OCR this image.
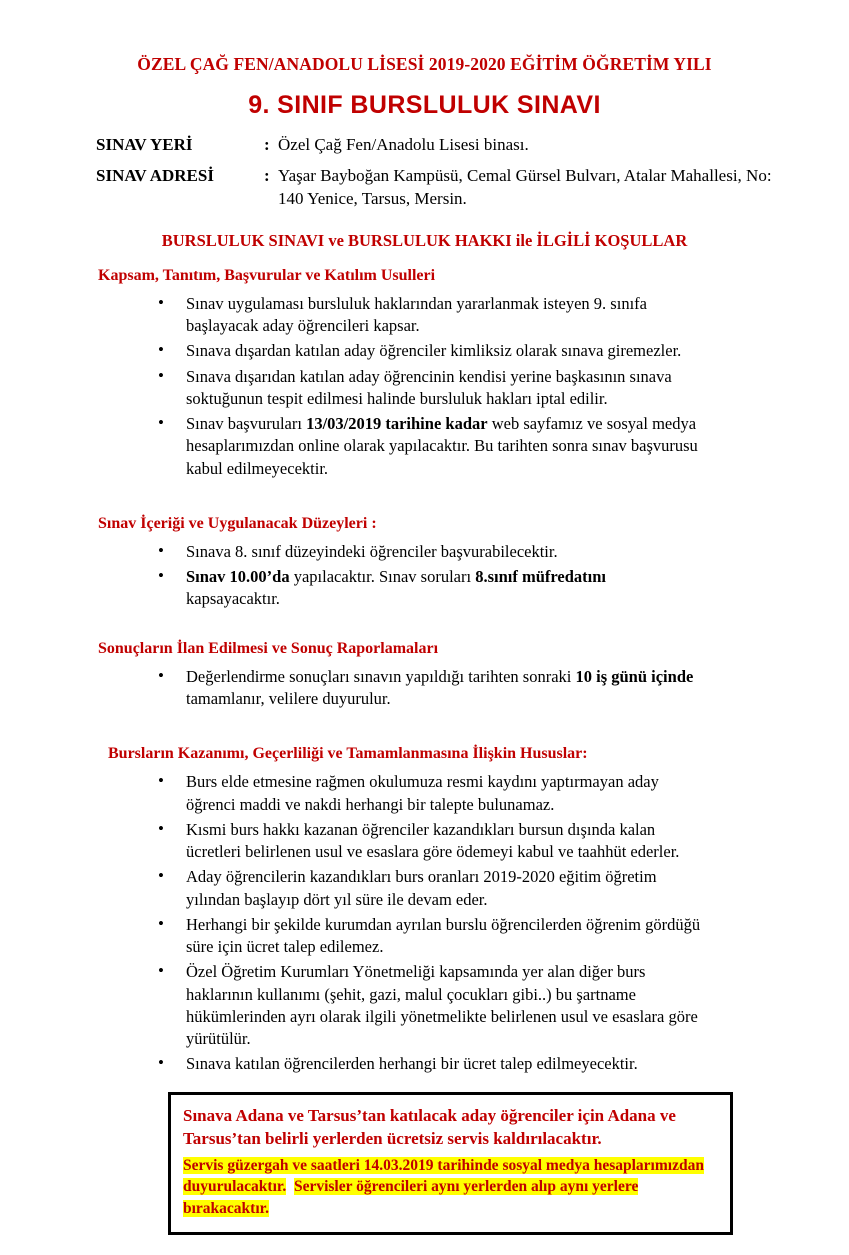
ÖZEL ÇAĞ FEN/ANADOLU LİSESİ 2019-2020 EĞİTİM ÖĞRETİM YILI
9. SINIF BURSLULUK SINAVI
SINAV YERİ	: Özel Çağ Fen/Anadolu Lisesi binası.
SINAV ADRESİ	: Yaşar Bayboğan Kampüsü, Cemal Gürsel Bulvarı, Atalar Mahallesi, No: 140 Yenice, Tarsus, Mersin.
BURSLULUK SINAVI ve BURSLULUK HAKKI ile İLGİLİ KOŞULLAR
Kapsam, Tanıtım, Başvurular ve Katılım Usulleri
• Sınav uygulaması bursluluk haklarından yararlanmak isteyen 9. sınıfa başlayacak aday öğrencileri kapsar.
• Sınava dışardan katılan aday öğrenciler kimliksiz olarak sınava giremezler.
• Sınava dışarıdan katılan aday öğrencinin kendisi yerine başkasının sınava soktuğunun tespit edilmesi halinde bursluluk hakları iptal edilir.
• Sınav başvuruları 13/03/2019 tarihine kadar web sayfamız ve sosyal medya hesaplarımızdan online olarak yapılacaktır. Bu tarihten sonra sınav başvurusu kabul edilmeyecektir.
Sınav İçeriği ve Uygulanacak Düzeyleri :
• Sınava 8. sınıf düzeyindeki öğrenciler başvurabilecektir.
• Sınav 10.00’da yapılacaktır. Sınav soruları 8.sınıf müfredatını kapsayacaktır.
Sonuçların İlan Edilmesi ve Sonuç Raporlamaları
• Değerlendirme sonuçları sınavın yapıldığı tarihten sonraki 10 iş günü içinde tamamlanır, velilere duyurulur.
Bursların Kazanımı, Geçerliliği ve Tamamlanmasına İlişkin Hususlar:
• Burs elde etmesine rağmen okulumuza resmi kaydını yaptırmayan aday öğrenci maddi ve nakdi herhangi bir talepte bulunamaz.
• Kısmi burs hakkı kazanan öğrenciler kazandıkları bursun dışında kalan ücretleri belirlenen usul ve esaslara göre ödemeyi kabul ve taahhüt ederler.
• Aday öğrencilerin kazandıkları burs oranları 2019-2020 eğitim öğretim yılından başlayıp dört yıl süre ile devam eder.
• Herhangi bir şekilde kurumdan ayrılan burslu öğrencilerden öğrenim gördüğü süre için ücret talep edilemez.
• Özel Öğretim Kurumları Yönetmeliği kapsamında yer alan diğer burs haklarının kullanımı (şehit, gazi, malul çocukları gibi..) bu şartname hükümlerinden ayrı olarak ilgili yönetmelikte belirlenen usul ve esaslara göre yürütülür.
• Sınava katılan öğrencilerden herhangi bir ücret talep edilmeyecektir.

Sınava Adana ve Tarsus’tan katılacak aday öğrenciler için Adana ve Tarsus’tan belirli yerlerden ücretsiz servis kaldırılacaktır.

Servis güzergah ve saatleri 14.03.2019 tarihinde sosyal medya hesaplarımızdan duyurulacaktır. Servisler öğrencileri aynı yerlerden alıp aynı yerlere bırakacaktır.
